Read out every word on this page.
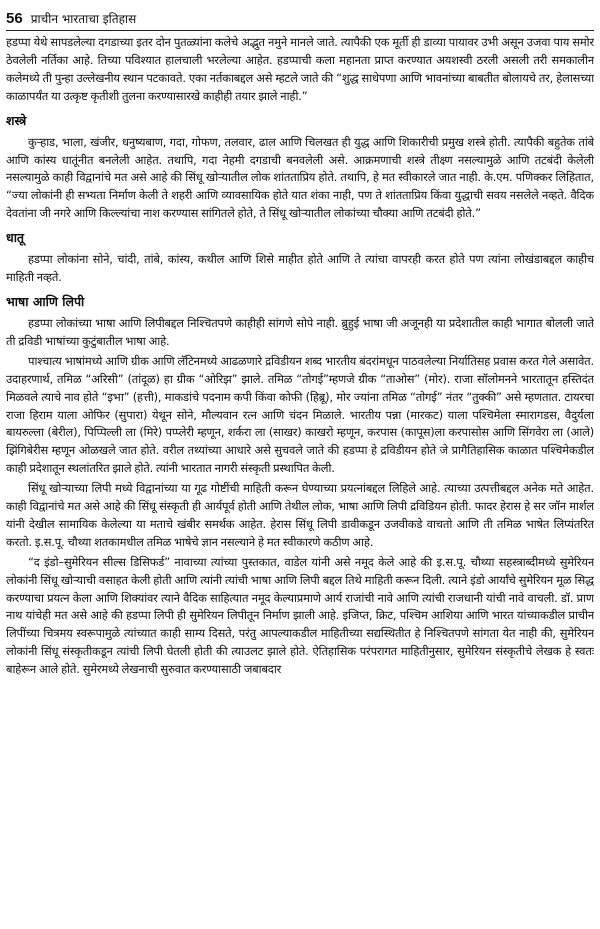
56 प्राचीन भारताचा इतिहास

हडप्पा येथे सापडलेल्या दगडाच्या इतर दोन पुतळ्यांना कलेचे अद्भुत नमुने मानले जाते. त्यापैकी एक मूर्ती ही डाव्या पायावर उभी असून उजवा पाय समोर ठेवलेली नर्तिका आहे. तिच्या पविश्यात हालचाली भरलेल्या आहेत. हडप्पाची कला महानता प्राप्त करण्यात अयशस्वी ठरली असली तरी समकालीन कलेमध्ये ती पुन्हा उल्लेखनीय स्थान पटकावते. एका नर्तकाबद्दल असे म्हटले जाते की “शुद्ध साधेपणा आणि भावनांच्या बाबतीत बोलायचे तर, हेलासच्या काळापर्यंत या उत्कृष्ट कृतीशी तुलना करण्यासारखे काहीही तयार झाले नाही.”

शस्त्रे

कुऱ्हाड, भाला, खंजीर, धनुष्यबाण, गदा, गोफण, तलवार, ढाल आणि चिलखत ही युद्ध आणि शिकारीची प्रमुख शस्त्रे होती. त्यापैकी बहुतेक तांबे आणि कांस्य धातूंनीत बनलेली आहेत. तथापि, गदा नेहमी दगडाची बनवलेली असे. आक्रमणाची शस्त्रे तीक्ष्ण नसल्यामुळे आणि तटबंदी केलेली नसल्यामुळे काही विद्वानांचे मत असे आहे की सिंधू खोऱ्यातील लोक शांतताप्रिय होते. तथापि, हे मत स्वीकारले जात नाही. के.एम. पणिक्कर लिहितात, “ज्या लोकांनी ही सभ्यता निर्माण केली ते शहरी आणि व्यावसायिक होते यात शंका नाही, पण ते शांतताप्रिय किंवा युद्धाची सवय नसलेले नव्हते. वैदिक देवतांना जी नगरे आणि किल्ल्यांचा नाश करण्यास सांगितले होते, ते सिंधू खोऱ्यातील लोकांच्या चौक्या आणि तटबंदी होते.”

धातू

हडप्पा लोकांना सोने, चांदी, तांबे, कांस्य, कथील आणि शिसे माहीत होते आणि ते त्यांचा वापरही करत होते पण त्यांना लोखंडाबद्दल काहीच माहिती नव्हते.

भाषा आणि लिपी

हडप्पा लोकांच्या भाषा आणि लिपीबद्दल निश्चितपणे काहीही सांगणे सोपे नाही. ब्रुहुई भाषा जी अजूनही या प्रदेशातील काही भागात बोलली जाते ती द्रविडी भाषांच्या कुटुंबातील भाषा आहे.

पाश्चात्य भाषांमध्ये आणि ग्रीक आणि लॅटिनमध्ये आढळणारे द्रविडीयन शब्द भारतीय बंदरांमधून पाठवलेल्या निर्यातिसह प्रवास करत गेले असावेत. उदाहरणार्थ, तमिळ “अरिसी” (तांदूळ) हा ग्रीक “ओरिझ” झाले. तमिळ “तोगई”म्हणजे ग्रीक “ताओस” (मोर). राजा सॉलोमनने भारतातून हस्तिदंत मिळवले त्याचे नाव होते “इभा” (हत्ती), माकडांचे पदनाम कपी किंवा कोफी (हिब्रू), मोर ज्यांना तमिळ “तोगई” नंतर “तुक्की” असे म्हणतात. टायरचा राजा हिराम याला ओफिर (सुपारा) येथून सोने, मौल्यवान रत्न आणि चंदन मिळाले. भारतीय पन्ना (मारकट) याला पश्चिमेला स्मारागडस, वैदुर्यला बायरुल्ला (बेरील), पिप्पिल्ली ला (मिरे) पप्प्लेरी म्हणून, शर्करा ला (साखर) काखरो म्हणून, करपास (कापूस)ला करपासोस आणि सिंगवेरा ला (आले) झिंगिबेरीस म्हणून ओळखले जात होते. वरील तथ्यांच्या आधारे असे सुचवले जाते की हडप्पा हे द्रविडीयन होते जे प्रागैतिहासिक काळात पश्चिमेकडील काही प्रदेशातून स्थलांतरित झाले होते. त्यांनी भारतात नागरी संस्कृती प्रस्थापित केली.

सिंधू खोऱ्याच्या लिपी मध्ये विद्वानांच्या या गूढ गोष्टींची माहिती करून घेण्याच्या प्रयत्नांबद्दल लिहिले आहे. त्याच्या उत्पत्तीबद्दल अनेक मते आहेत. काही विद्वानांचे मत असे आहे की सिंधू संस्कृती ही आर्यपूर्व होती आणि तेथील लोक, भाषा आणि लिपी द्रविडियन होती. फादर हेरास हे सर जॉन मार्शल यांनी देखील सामायिक केलेल्या या मताचे खंबीर समर्थक आहेत. हेरास सिंधू लिपी डावीकडून उजवीकडे वाचतो आणि ती तमिळ भाषेत लिप्यंतरित करतो. इ.स.पू. चौथ्या शतकामधील तमिळ भाषेचे ज्ञान नसल्याने हे मत स्वीकारणे कठीण आहे.

“द इंडो–सुमेरियन सील्स डिसिफर्ड” नावाच्या त्यांच्या पुस्तकात, वाडेल यांनी असे नमूद केले आहे की इ.स.पू. चौथ्या सहस्त्राब्दीमध्ये सुमेरियन लोकांनी सिंधू खोऱ्याची वसाहत केली होती आणि त्यांनी त्यांची भाषा आणि लिपी बद्दल तिथे माहिती करून दिली. त्याने इंडो आर्यांचे सुमेरियन मूळ सिद्ध करण्याचा प्रयत्न केला आणि शिक्यांवर त्याने वैदिक साहित्यात नमूद केल्याप्रमाणे आर्य राजांची नावे आणि त्यांची राजधानी यांची नावे वाचली. डॉ. प्राण नाथ यांचेही मत असे आहे की हडप्पा लिपी ही सुमेरियन लिपीतून निर्माण झाली आहे. इजिप्त, क्रिट, पश्चिम आशिया आणि भारत यांच्याकडील प्राचीन लिपींच्या चित्रमय स्वरूपामुळे त्यांच्यात काही साम्य दिसते, परंतु आपल्याकडील माहितीच्या सद्यस्थितीत हे निश्चितपणे सांगता येत नाही की, सुमेरियन लोकांनी सिंधू संस्कृतीकडून त्यांची लिपी घेतली होती की त्याउलट झाले होते. ऐतिहासिक परंपरागत माहितीनुसार, सुमेरियन संस्कृतीचे लेखक हे स्वतः बाहेरून आले होते. सुमेरमध्ये लेखनाची सुरुवात करण्यासाठी जबाबदार
